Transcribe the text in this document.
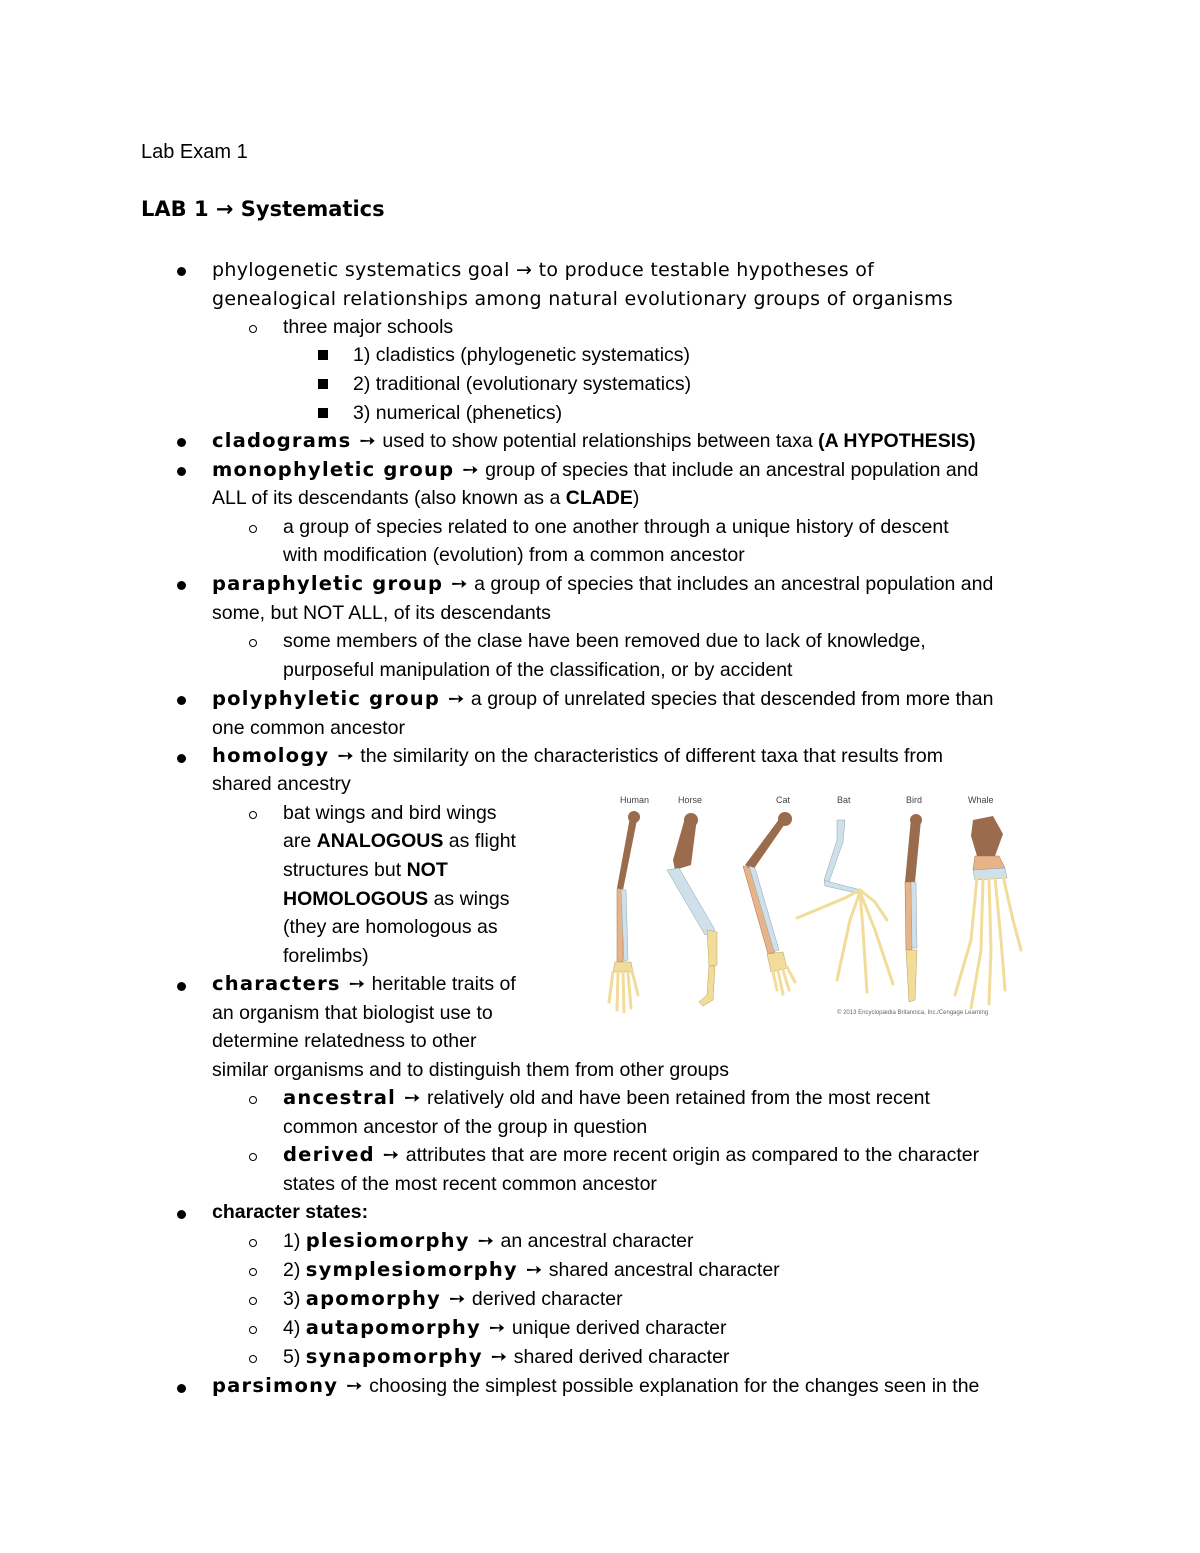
Lab Exam 1
LAB 1 → Systematics
phylogenetic systematics goal → to produce testable hypotheses of
genealogical relationships among natural evolutionary groups of organisms
three major schools
1) cladistics (phylogenetic systematics)
2) traditional (evolutionary systematics)
3) numerical (phenetics)
cladograms ➙ used to show potential relationships between taxa (A HYPOTHESIS)
monophyletic group ➙ group of species that include an ancestral population and
ALL of its descendants (also known as a CLADE)
a group of species related to one another through a unique history of descent
with modification (evolution) from a common ancestor
paraphyletic group ➙ a group of species that includes an ancestral population and
some, but NOT ALL, of its descendants
some members of the clase have been removed due to lack of knowledge,
purposeful manipulation of the classification, or by accident
polyphyletic group ➙ a group of unrelated species that descended from more than
one common ancestor
homology ➙ the similarity on the characteristics of different taxa that results from
shared ancestry
bat wings and bird wings
are ANALOGOUS as flight
structures but NOT
HOMOLOGOUS as wings
(they are homologous as
forelimbs)
characters ➙ heritable traits of
an organism that biologist use to
determine relatedness to other
similar organisms and to distinguish them from other groups
ancestral ➙ relatively old and have been retained from the most recent
common ancestor of the group in question
derived ➙ attributes that are more recent origin as compared to the character
states of the most recent common ancestor
character states:
1) plesiomorphy ➙ an ancestral character
2) symplesiomorphy ➙ shared ancestral character
3) apomorphy ➙ derived character
4) autapomorphy ➙ unique derived character
5) synapomorphy ➙ shared derived character
parsimony ➙ choosing the simplest possible explanation for the changes seen in the
Human	Horse	Cat	Bat	Bird	Whale
© 2013 Encyclopædia Britannica, Inc./Cengage Learning
